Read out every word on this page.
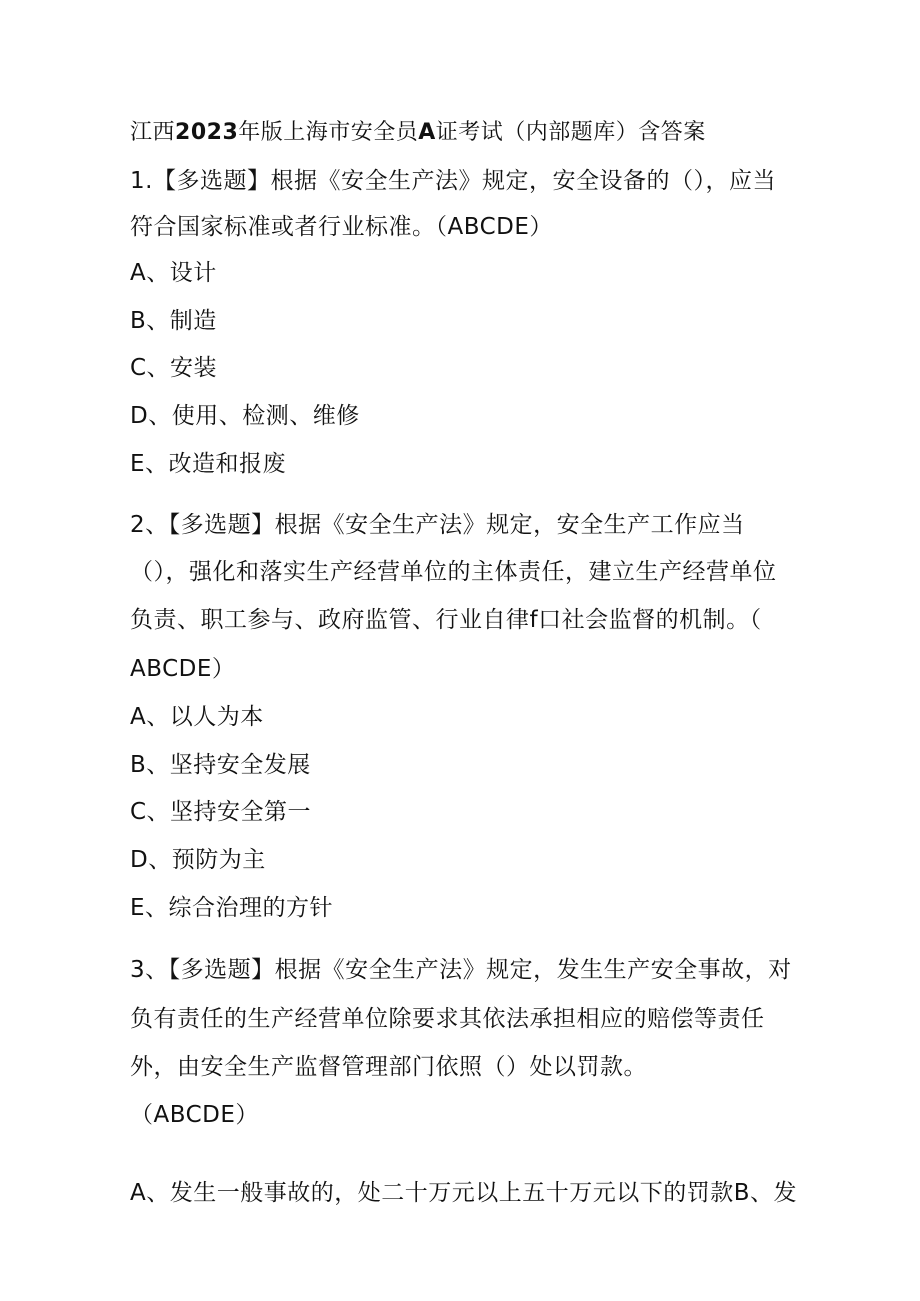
江西2023年版上海市安全员A证考试（内部题库）含答案
1.【多选题】根据《安全生产法》规定，安全设备的（），应当
符合国家标准或者行业标准。（ABCDE）
A、设计
B、制造
C、安装
D、使用、检测、维修
E、改造和报废
2、【多选题】根据《安全生产法》规定，安全生产工作应当
（），强化和落实生产经营单位的主体责任，建立生产经营单位
负责、职工参与、政府监管、行业自律f口社会监督的机制。（
ABCDE）
A、以人为本
B、坚持安全发展
C、坚持安全第一
D、预防为主
E、综合治理的方针
3、【多选题】根据《安全生产法》规定，发生生产安全事故，对
负有责任的生产经营单位除要求其依法承担相应的赔偿等责任
外，由安全生产监督管理部门依照（）处以罚款。
（ABCDE）
A、发生一般事故的，处二十万元以上五十万元以下的罚款B、发
